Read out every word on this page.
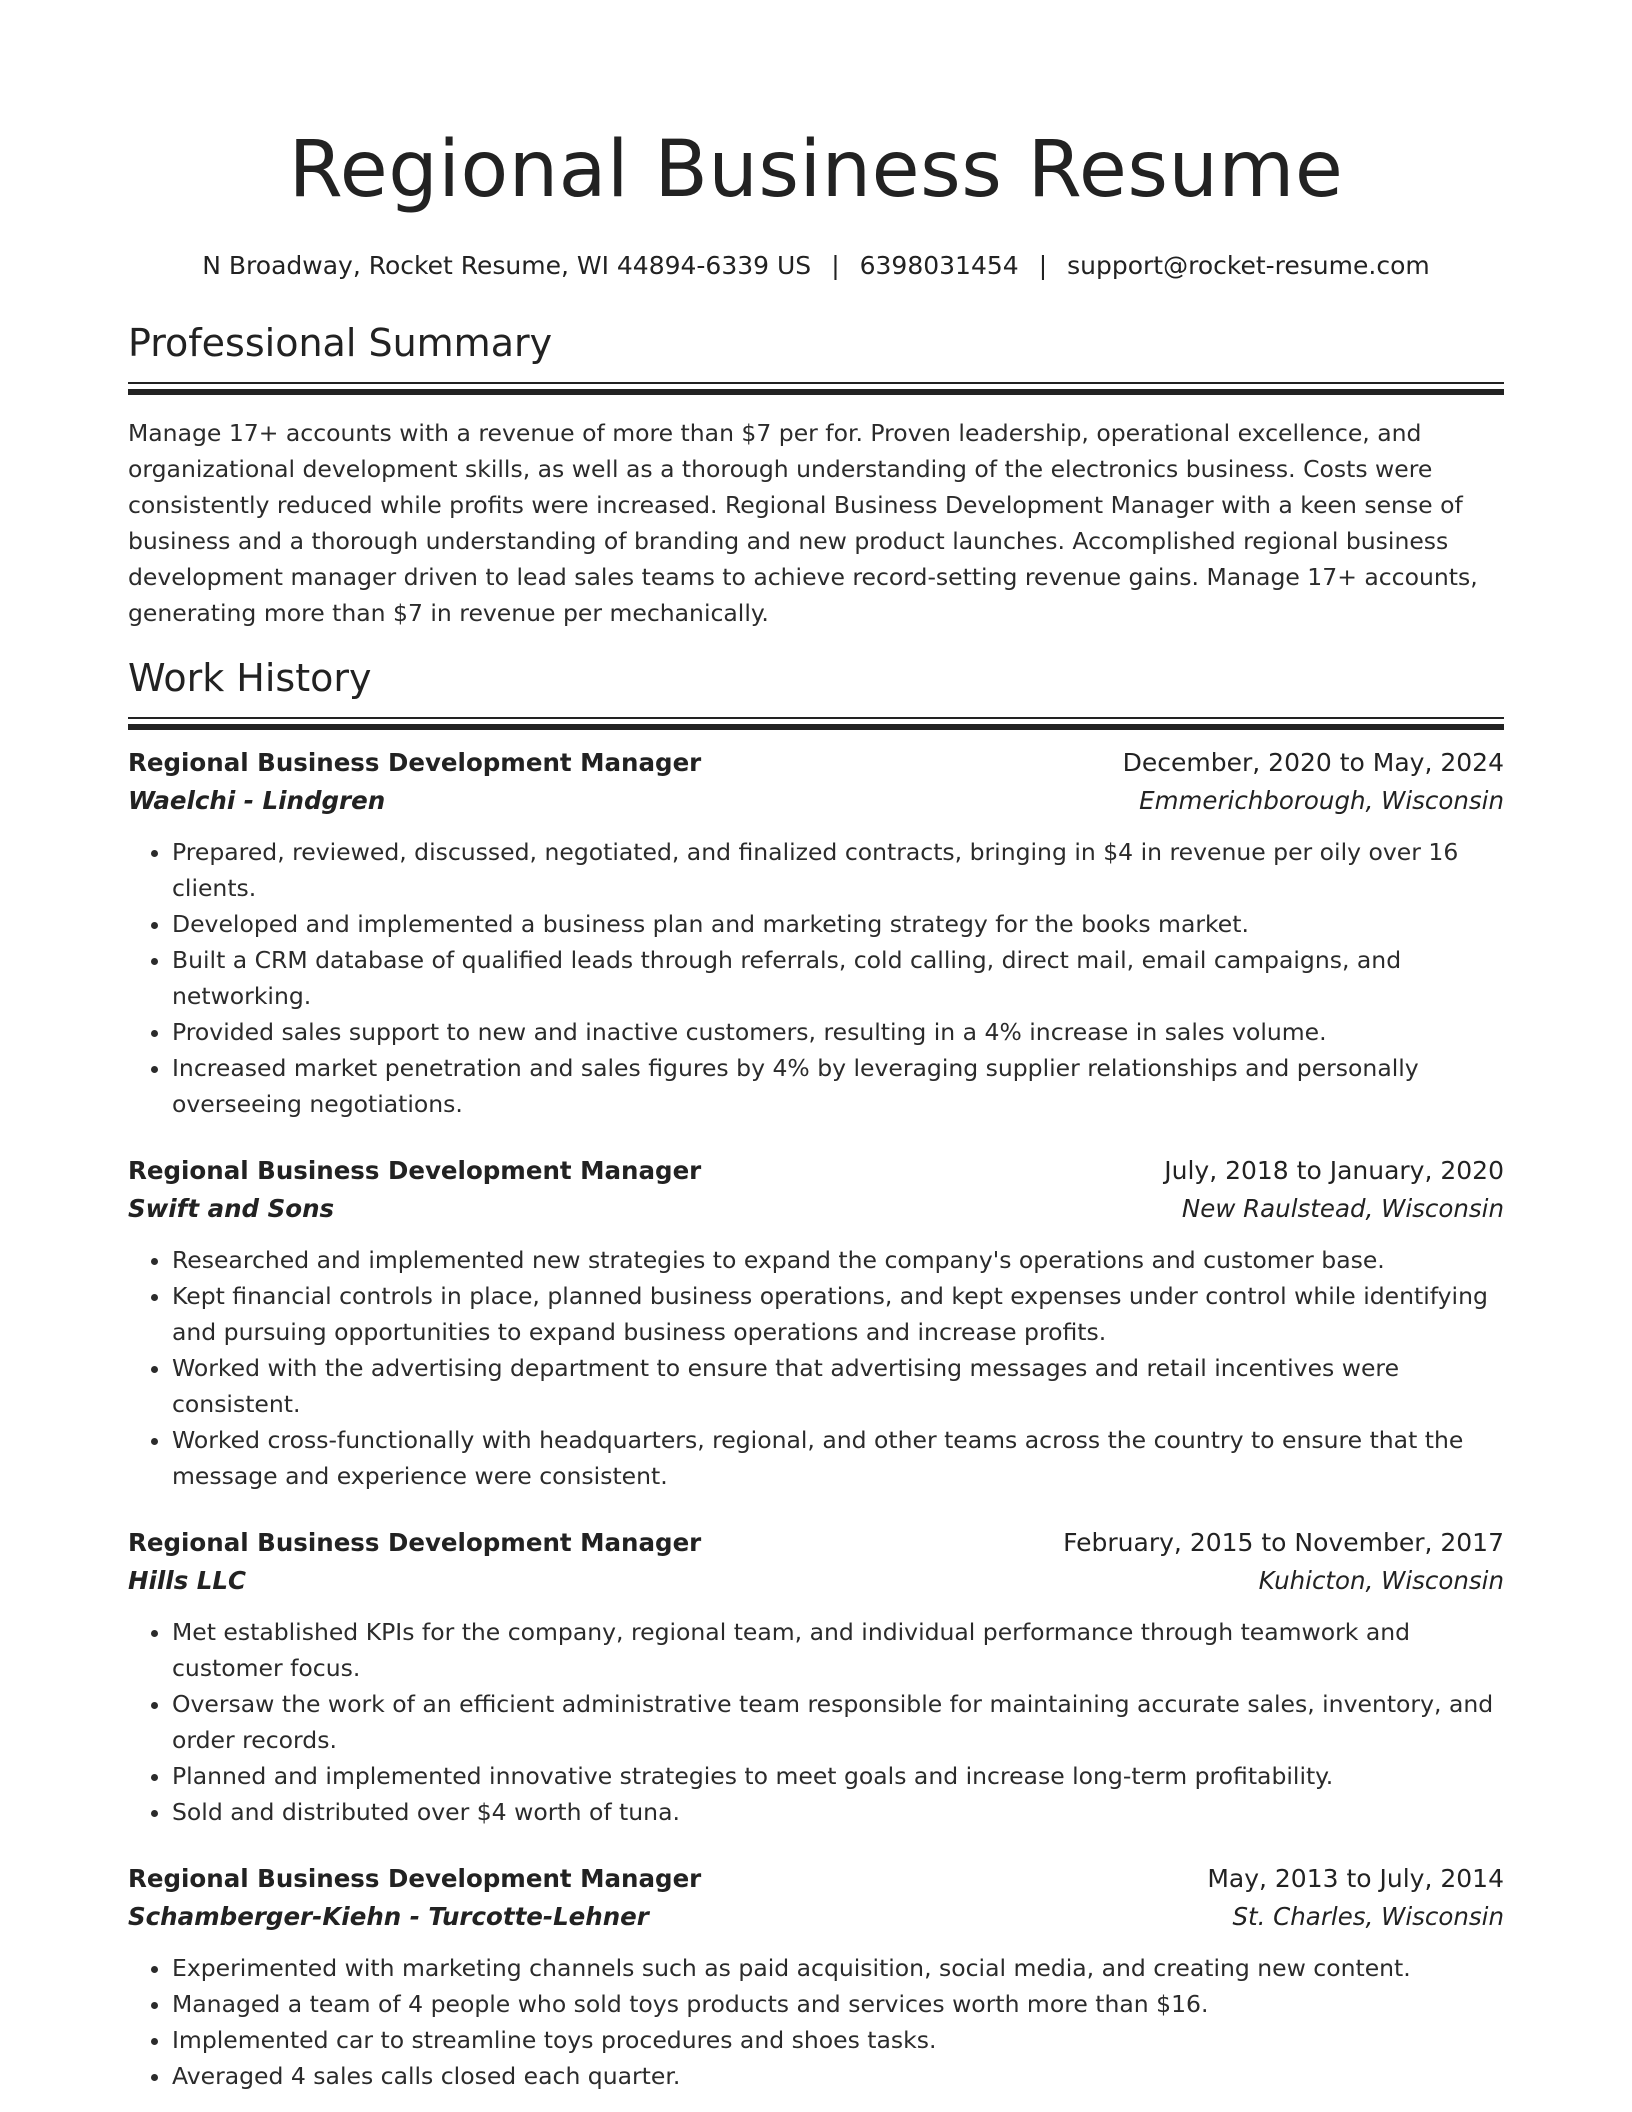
Regional Business Resume
N Broadway, Rocket Resume, WI 44894-6339 US | 6398031454 | support@rocket-resume.com
Professional Summary

Manage 17+ accounts with a revenue of more than $7 per for. Proven leadership, operational excellence, and organizational development skills, as well as a thorough understanding of the electronics business. Costs were consistently reduced while profits were increased. Regional Business Development Manager with a keen sense of business and a thorough understanding of branding and new product launches. Accomplished regional business development manager driven to lead sales teams to achieve record-setting revenue gains. Manage 17+ accounts, generating more than $7 in revenue per mechanically.

Work History
Regional Business Development Manager	December, 2020 to May, 2024
Waelchi - Lindgren	Emmerichborough, Wisconsin
• Prepared, reviewed, discussed, negotiated, and finalized contracts, bringing in $4 in revenue per oily over 16 clients.
• Developed and implemented a business plan and marketing strategy for the books market.
• Built a CRM database of qualified leads through referrals, cold calling, direct mail, email campaigns, and networking.
• Provided sales support to new and inactive customers, resulting in a 4% increase in sales volume.
• Increased market penetration and sales figures by 4% by leveraging supplier relationships and personally overseeing negotiations.
Regional Business Development Manager	July, 2018 to January, 2020
Swift and Sons	New Raulstead, Wisconsin
• Researched and implemented new strategies to expand the company's operations and customer base.
• Kept financial controls in place, planned business operations, and kept expenses under control while identifying and pursuing opportunities to expand business operations and increase profits.
• Worked with the advertising department to ensure that advertising messages and retail incentives were consistent.
• Worked cross-functionally with headquarters, regional, and other teams across the country to ensure that the message and experience were consistent.
Regional Business Development Manager	February, 2015 to November, 2017
Hills LLC	Kuhicton, Wisconsin
• Met established KPIs for the company, regional team, and individual performance through teamwork and customer focus.
• Oversaw the work of an efficient administrative team responsible for maintaining accurate sales, inventory, and order records.
• Planned and implemented innovative strategies to meet goals and increase long-term profitability.
• Sold and distributed over $4 worth of tuna.
Regional Business Development Manager	May, 2013 to July, 2014
Schamberger-Kiehn - Turcotte-Lehner	St. Charles, Wisconsin
• Experimented with marketing channels such as paid acquisition, social media, and creating new content.
• Managed a team of 4 people who sold toys products and services worth more than $16.
• Implemented car to streamline toys procedures and shoes tasks.
• Averaged 4 sales calls closed each quarter.
